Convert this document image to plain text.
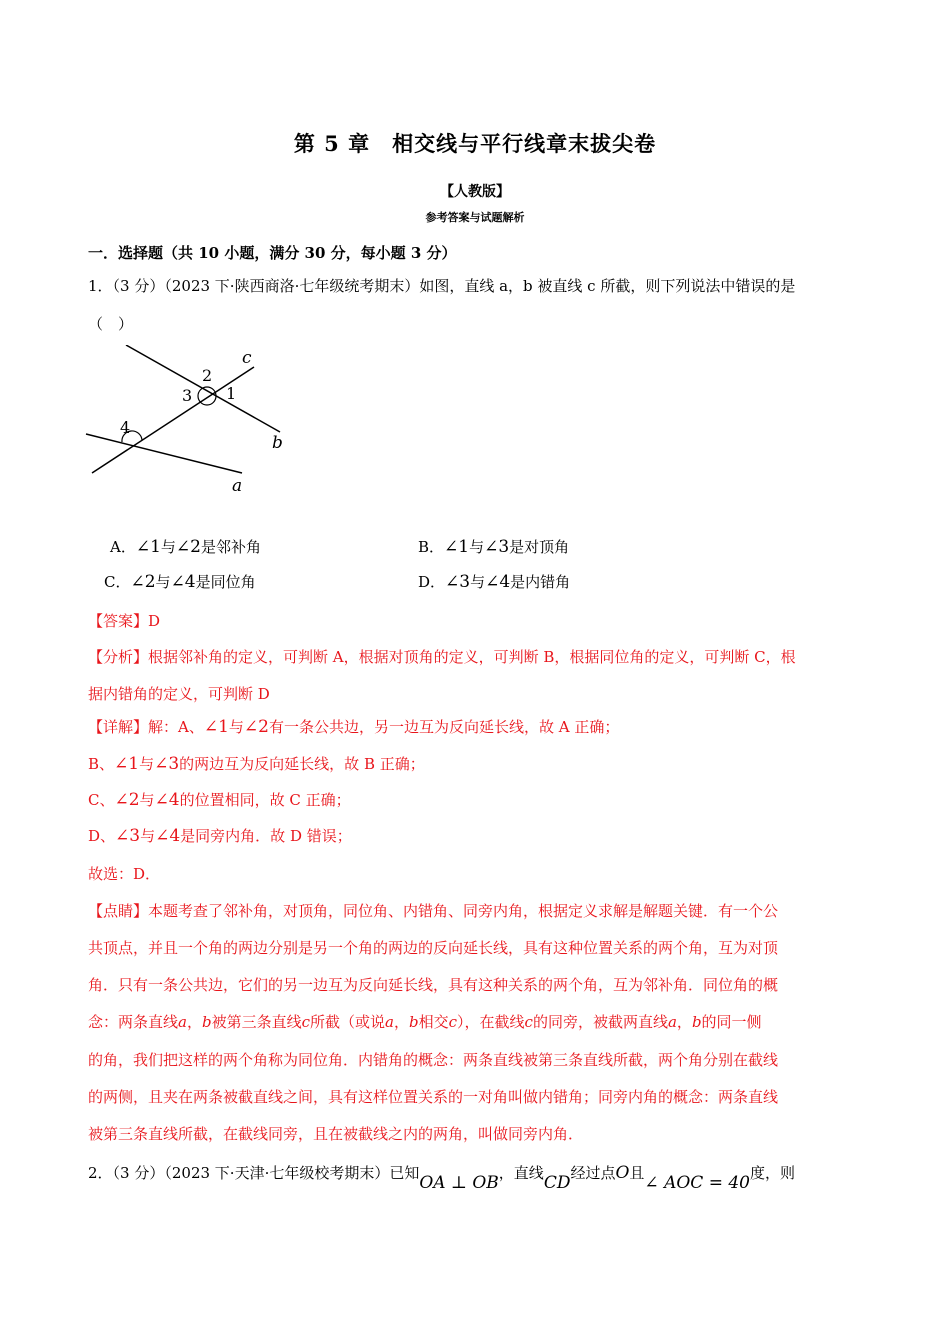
第 5 章　相交线与平行线章末拔尖卷
【人教版】
参考答案与试题解析
一．选择题（共 10 小题，满分 30 分，每小题 3 分）
1．（3 分）（2023 下·陕西商洛·七年级统考期末）如图，直线 a，b 被直线 c 所截，则下列说法中错误的是
（　）
c
b
a
2
3 1
4
A．∠1与∠2是邻补角	B．∠1与∠3是对顶角
C．∠2与∠4是同位角	D．∠3与∠4是内错角
【答案】D
【分析】根据邻补角的定义，可判断 A，根据对顶角的定义，可判断 B，根据同位角的定义，可判断 C，根
据内错角的定义，可判断 D
【详解】解：A、∠1与∠2有一条公共边，另一边互为反向延长线，故 A 正确；
B、∠1与∠3的两边互为反向延长线，故 B 正确；
C、∠2与∠4的位置相同，故 C 正确；
D、∠3与∠4是同旁内角．故 D 错误；
故选：D．
【点睛】本题考查了邻补角，对顶角，同位角、内错角、同旁内角，根据定义求解是解题关键．有一个公
共顶点，并且一个角的两边分别是另一个角的两边的反向延长线，具有这种位置关系的两个角，互为对顶
角．只有一条公共边，它们的另一边互为反向延长线，具有这种关系的两个角，互为邻补角．同位角的概
念：两条直线a，b被第三条直线c所截（或说a，b相交c），在截线c的同旁，被截两直线a，b的同一侧
的角，我们把这样的两个角称为同位角．内错角的概念：两条直线被第三条直线所截，两个角分别在截线
的两侧，且夹在两条被截直线之间，具有这样位置关系的一对角叫做内错角；同旁内角的概念：两条直线
被第三条直线所截，在截线同旁，且在被截线之内的两角，叫做同旁内角．
2．（3 分）（2023 下·天津·七年级校考期末）已知OA ⊥ OB，直线CD经过点O且∠ AOC = 40度，则
